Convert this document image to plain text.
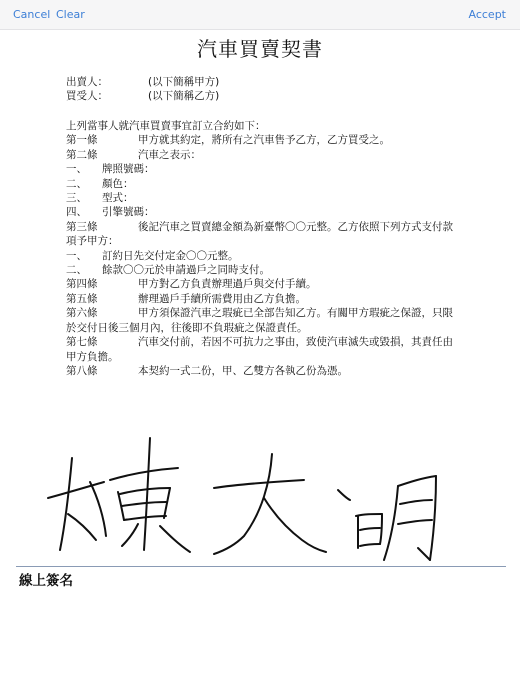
Cancel Clear	Accept
汽車買賣契書
出賣人：	(以下簡稱甲方)
買受人：	(以下簡稱乙方)
上列當事人就汽車買賣事宜訂立合約如下：
第一條	甲方就其約定，將所有之汽車售予乙方，乙方買受之。
第二條	汽車之表示：
一、 牌照號碼：
二、 顏色：
三、 型式：
四、 引擎號碼：
第三條	後記汽車之買賣總金額為新臺幣〇〇元整。乙方依照下列方式支付款項予甲方：
一、 訂約日先交付定金〇〇元整。
二、 餘款〇〇元於申請過戶之同時支付。
第四條	甲方對乙方負責辦理過戶與交付手續。
第五條	辦理過戶手續所需費用由乙方負擔。
第六條	甲方須保證汽車之瑕疵已全部告知乙方。有關甲方瑕疵之保證，只限於交付日後三個月內，往後即不負瑕疵之保證責任。
第七條	汽車交付前，若因不可抗力之事由，致使汽車滅失或毀損，其責任由甲方負擔。
第八條	本契約一式二份，甲、乙雙方各執乙份為憑。
線上簽名
